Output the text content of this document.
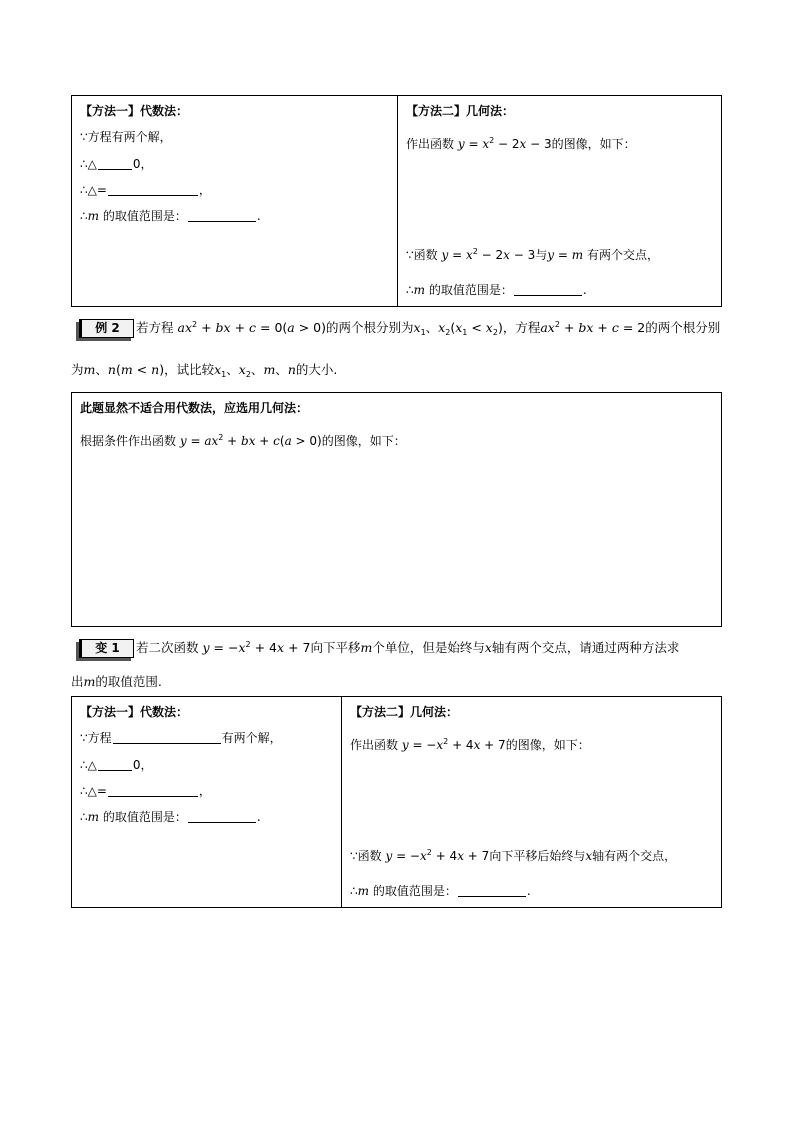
【方法一】代数法：
∵方程有两个解，
∴△	0，
∴△=	，
∴m 的取值范围是：	.
【方法二】几何法：
作出函数 $y = x^2 - 2x - 3$的图像，如下：
∵函数 $y = x^2 - 2x - 3$与y = m 有两个交点，
∴m 的取值范围是：	.
例 2	若方程 $ax^2$ + bx + c = 0(a > 0)的两个根分别为$x_1$、$x_2(x_1 < x_2)$，方程$ax^2$ + bx + c = 2的两个根分别
为m、n(m < n)，试比较$x_1$、$x_2$、m、n的大小.
此题显然不适合用代数法，应选用几何法：
根据条件作出函数 $y = ax^2$ + bx + c(a > 0)的图像，如下：
变 1	若二次函数 $y = -x^2 + 4x + 7$向下平移m个单位，但是始终与x轴有两个交点，请通过两种方法求
出m的取值范围.
【方法一】代数法：
∵方程	有两个解，
∴△	0，
∴△=	，
∴m 的取值范围是：	.
【方法二】几何法：
作出函数 $y = -x^2 + 4x + 7$的图像，如下：
∵函数 $y = -x^2 + 4x + 7$向下平移后始终与x轴有两个交点，
∴m 的取值范围是：	.
